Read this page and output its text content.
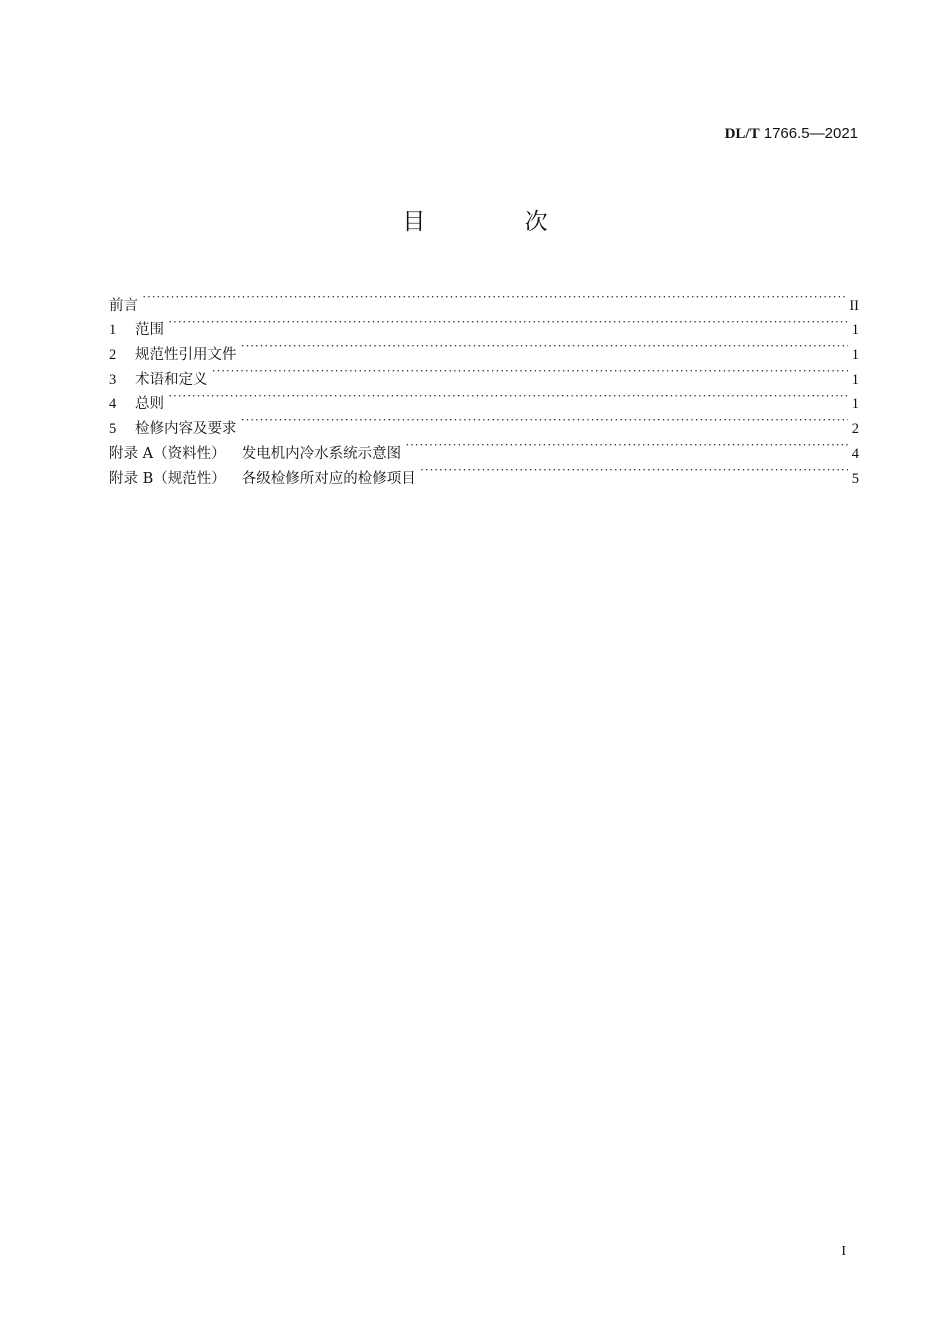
DL/T 1766.5—2021
目 次
前言 ·····	II
1	范围 ·····	1
2	规范性引用文件 ·····	1
3	术语和定义 ·····	1
4	总则 ·····	1
5	检修内容及要求 ·····	2
附录 A（资料性） 发电机内冷水系统示意图 ·····	4
附录 B（规范性） 各级检修所对应的检修项目 ·····	5
I
